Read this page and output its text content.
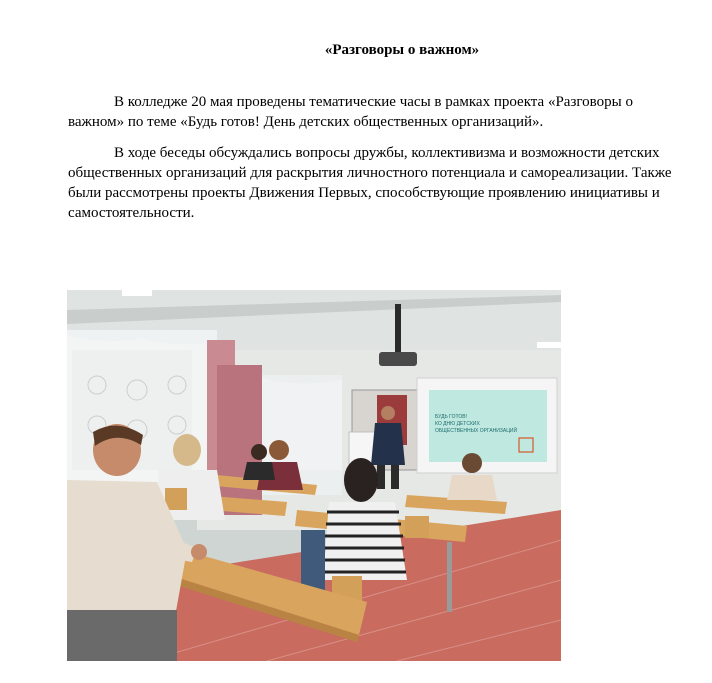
«Разговоры о важном»

В колледже 20 мая проведены тематические часы в рамках проекта «Разговоры о важном» по теме «Будь готов! День детских общественных организаций».

В ходе беседы обсуждались вопросы дружбы, коллективизма и возможности детских общественных организаций для раскрытия личностного потенциала и самореализации. Также были рассмотрены проекты Движения Первых, способствующие проявлению инициативы и самостоятельности.

БУДЬ ГОТОВ!
КО ДНЮ ДЕТСКИХ
ОБЩЕСТВЕННЫХ ОРГАНИЗАЦИЙ
